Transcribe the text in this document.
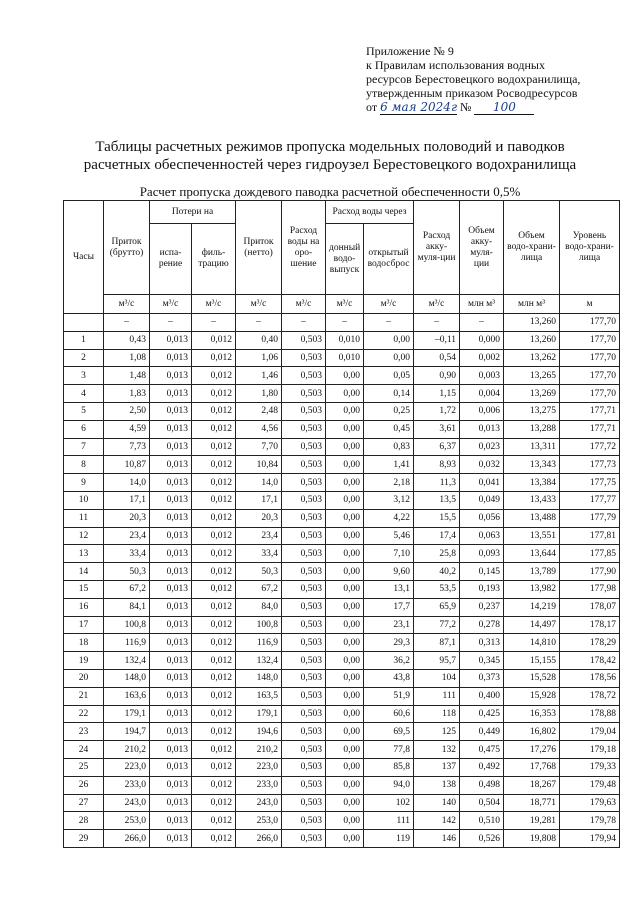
Приложение № 9
к Правилам использования водных
ресурсов Берестовецкого водохранилища,
утвержденным приказом Росводресурсов
от 6 мая 2024г № 100
Таблицы расчетных режимов пропуска модельных половодий и паводков
расчетных обеспеченностей через гидроузел Берестовецкого водохранилища
Расчет пропуска дождевого паводка расчетной обеспеченности 0,5%
Часы	Приток (брутто)	Потери на		Приток (нетто)	Расход воды на оро-шение	Расход воды через		Расход акку-муля-ции	Объем акку-муля-ции	Объем водо-храни-лища	Уровень водо-храни-лища
		испа-рение	филь-трацию			донный водо-выпуск	открытый водосброс				
	м³/с	м³/с	м³/с	м³/с	м³/с	м³/с	м³/с	м³/с	млн м³	млн м³	м
	–	–	–	–	–	–	–	–	–	13,260	177,70
1	0,43	0,013	0,012	0,40	0,503	0,010	0,00	–0,11	0,000	13,260	177,70
2	1,08	0,013	0,012	1,06	0,503	0,010	0,00	0,54	0,002	13,262	177,70
3	1,48	0,013	0,012	1,46	0,503	0,00	0,05	0,90	0,003	13,265	177,70
4	1,83	0,013	0,012	1,80	0,503	0,00	0,14	1,15	0,004	13,269	177,70
5	2,50	0,013	0,012	2,48	0,503	0,00	0,25	1,72	0,006	13,275	177,71
6	4,59	0,013	0,012	4,56	0,503	0,00	0,45	3,61	0,013	13,288	177,71
7	7,73	0,013	0,012	7,70	0,503	0,00	0,83	6,37	0,023	13,311	177,72
8	10,87	0,013	0,012	10,84	0,503	0,00	1,41	8,93	0,032	13,343	177,73
9	14,0	0,013	0,012	14,0	0,503	0,00	2,18	11,3	0,041	13,384	177,75
10	17,1	0,013	0,012	17,1	0,503	0,00	3,12	13,5	0,049	13,433	177,77
11	20,3	0,013	0,012	20,3	0,503	0,00	4,22	15,5	0,056	13,488	177,79
12	23,4	0,013	0,012	23,4	0,503	0,00	5,46	17,4	0,063	13,551	177,81
13	33,4	0,013	0,012	33,4	0,503	0,00	7,10	25,8	0,093	13,644	177,85
14	50,3	0,013	0,012	50,3	0,503	0,00	9,60	40,2	0,145	13,789	177,90
15	67,2	0,013	0,012	67,2	0,503	0,00	13,1	53,5	0,193	13,982	177,98
16	84,1	0,013	0,012	84,0	0,503	0,00	17,7	65,9	0,237	14,219	178,07
17	100,8	0,013	0,012	100,8	0,503	0,00	23,1	77,2	0,278	14,497	178,17
18	116,9	0,013	0,012	116,9	0,503	0,00	29,3	87,1	0,313	14,810	178,29
19	132,4	0,013	0,012	132,4	0,503	0,00	36,2	95,7	0,345	15,155	178,42
20	148,0	0,013	0,012	148,0	0,503	0,00	43,8	104	0,373	15,528	178,56
21	163,6	0,013	0,012	163,5	0,503	0,00	51,9	111	0,400	15,928	178,72
22	179,1	0,013	0,012	179,1	0,503	0,00	60,6	118	0,425	16,353	178,88
23	194,7	0,013	0,012	194,6	0,503	0,00	69,5	125	0,449	16,802	179,04
24	210,2	0,013	0,012	210,2	0,503	0,00	77,8	132	0,475	17,276	179,18
25	223,0	0,013	0,012	223,0	0,503	0,00	85,8	137	0,492	17,768	179,33
26	233,0	0,013	0,012	233,0	0,503	0,00	94,0	138	0,498	18,267	179,48
27	243,0	0,013	0,012	243,0	0,503	0,00	102	140	0,504	18,771	179,63
28	253,0	0,013	0,012	253,0	0,503	0,00	111	142	0,510	19,281	179,78
29	266,0	0,013	0,012	266,0	0,503	0,00	119	146	0,526	19,808	179,94
